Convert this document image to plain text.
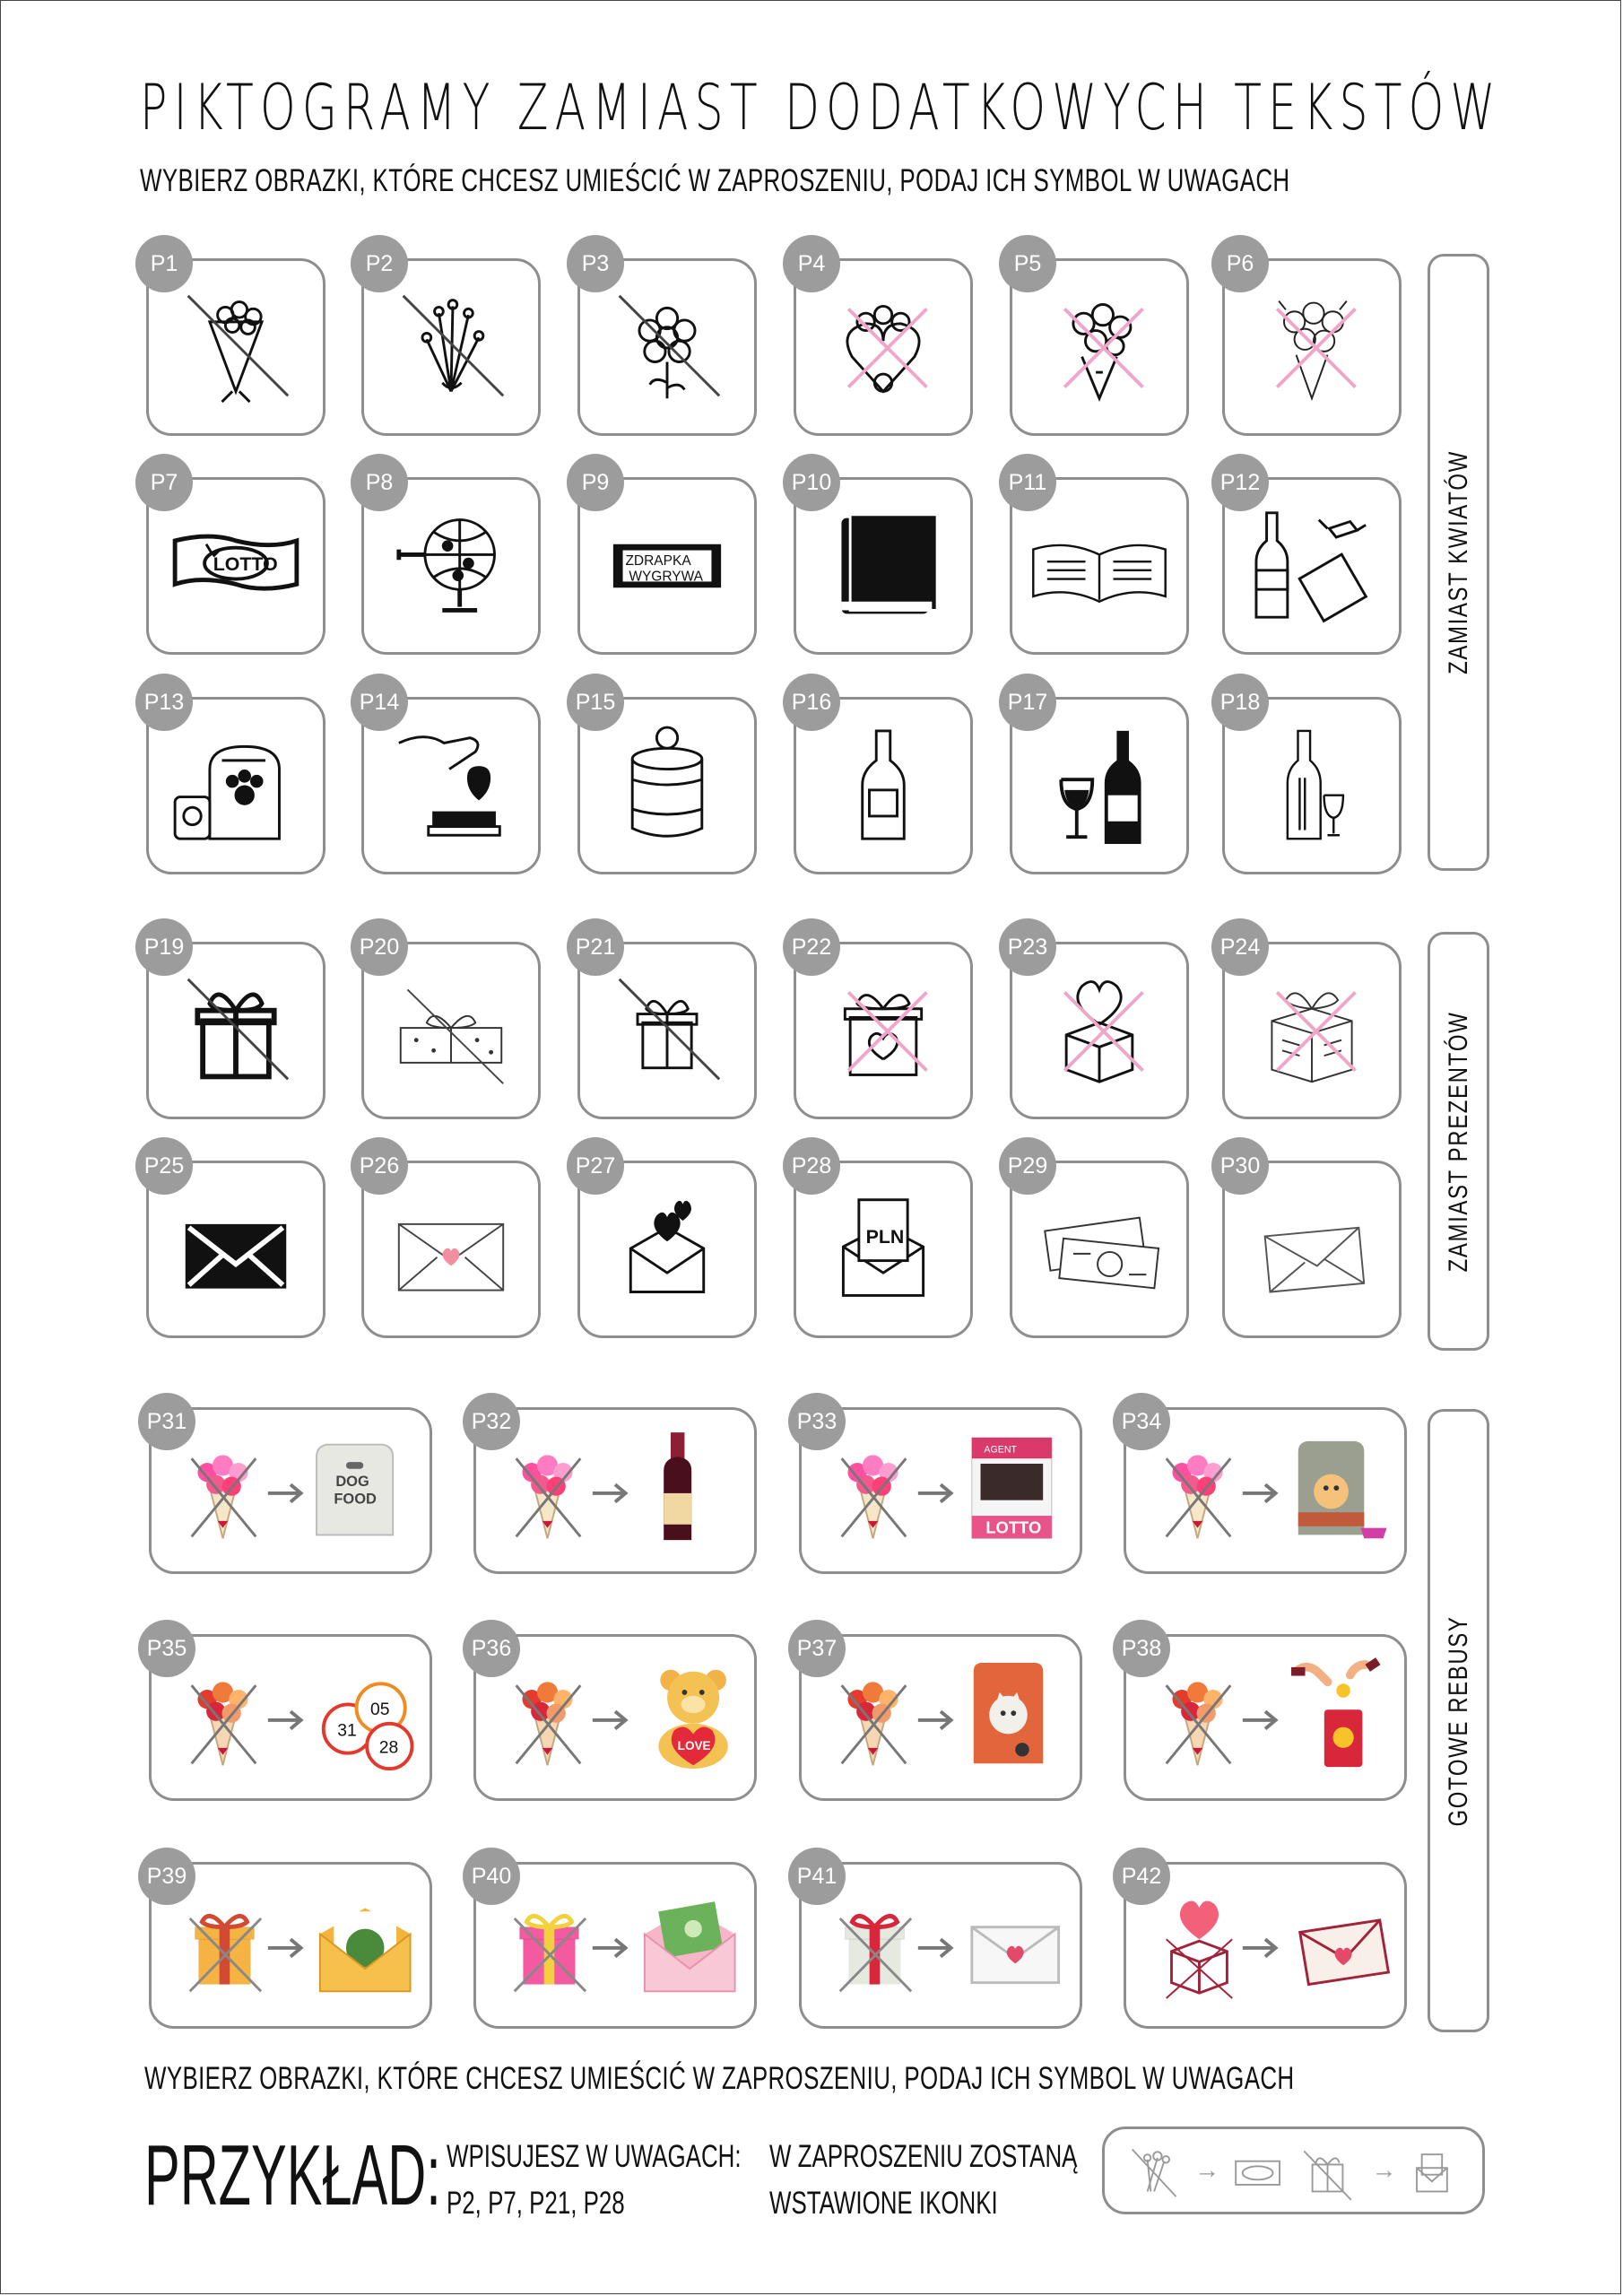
PIKTOGRAMY ZAMIAST DODATKOWYCH TEKSTÓW
WYBIERZ OBRAZKI, KTÓRE CHCESZ UMIEŚCIĆ W ZAPROSZENIU, PODAJ ICH SYMBOL W UWAGACH
ZAMIAST KWIATÓW
ZAMIAST PREZENTÓW
GOTOWE REBUSY
P1	P2	P3	P4	P5	P6
LOTTO
P7	P8
ZDRAPKA
WYGRYWA
P9	P10	P11	P12
P13	P14	P15	P16	P17	P18
P19	P20	P21	P22	P23	P24
P25	P26	P27
PLN
P28	P29	P30
DOG
FOOD
P31	P32
AGENT
LOTTO
P33	P34
31
05
28
P35
LOVE
P36	P37	P38
P39	P40	P41	P42
WYBIERZ OBRAZKI, KTÓRE CHCESZ UMIEŚCIĆ W ZAPROSZENIU, PODAJ ICH SYMBOL W UWAGACH
PRZYKŁAD: WPISUJESZ W UWAGACH:
P2, P7, P21, P28
W ZAPROSZENIU ZOSTANĄ
WSTAWIONE IKONKI
→	→
